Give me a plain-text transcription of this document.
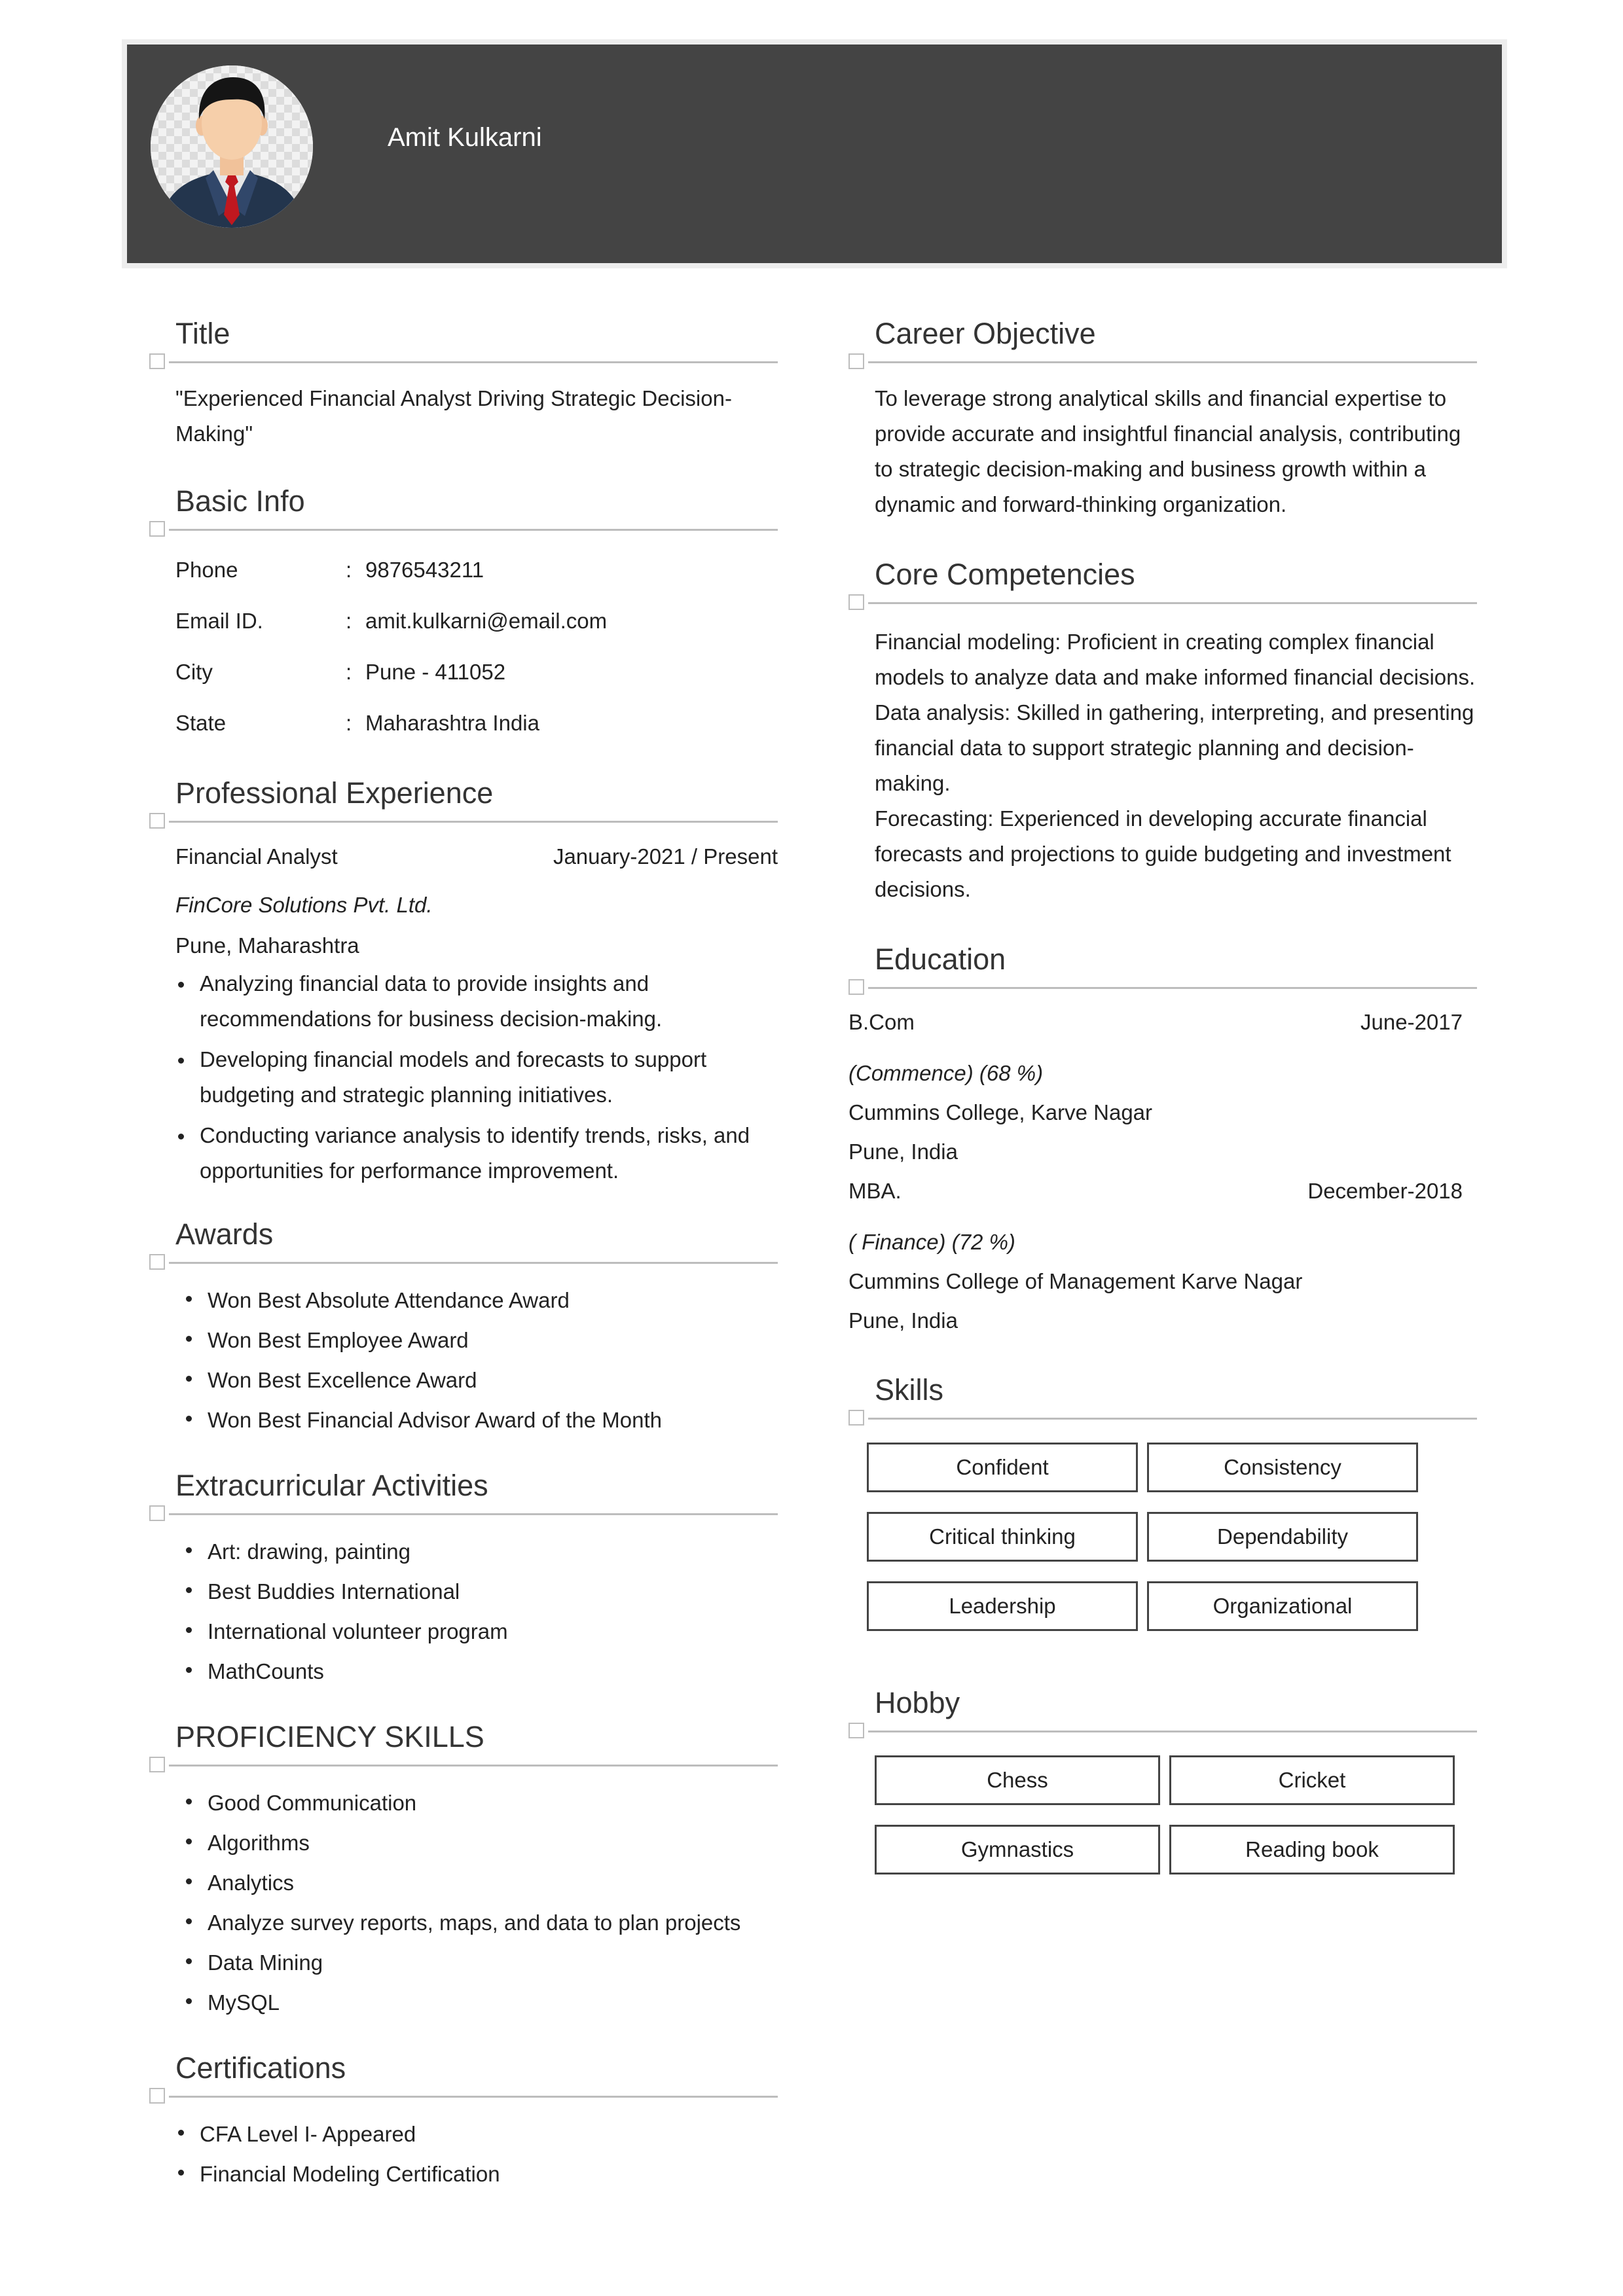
Amit Kulkarni
Title
"Experienced Financial Analyst Driving Strategic Decision-Making"
Basic Info
Phone	: 9876543211
Email ID.	: amit.kulkarni@email.com
City	: Pune - 411052
State	: Maharashtra India
Professional Experience
Financial Analyst	January-2021 / Present
FinCore Solutions Pvt. Ltd.
Pune, Maharashtra
Analyzing financial data to provide insights and recommendations for business decision-making.
Developing financial models and forecasts to support budgeting and strategic planning initiatives.
Conducting variance analysis to identify trends, risks, and opportunities for performance improvement.
Awards
Won Best Absolute Attendance Award
Won Best Employee Award
Won Best Excellence Award
Won Best Financial Advisor Award of the Month
Extracurricular Activities
Art: drawing, painting
Best Buddies International
International volunteer program
MathCounts
PROFICIENCY SKILLS
Good Communication
Algorithms
Analytics
Analyze survey reports, maps, and data to plan projects
Data Mining
MySQL
Certifications
CFA Level I- Appeared
Financial Modeling Certification
Career Objective
To leverage strong analytical skills and financial expertise to provide accurate and insightful financial analysis, contributing to strategic decision-making and business growth within a dynamic and forward-thinking organization.
Core Competencies
Financial modeling: Proficient in creating complex financial models to analyze data and make informed financial decisions.
Data analysis: Skilled in gathering, interpreting, and presenting financial data to support strategic planning and decision-making.
Forecasting: Experienced in developing accurate financial forecasts and projections to guide budgeting and investment decisions.
Education
B.Com	June-2017
(Commence) (68 %)
Cummins College, Karve Nagar
Pune, India
MBA.	December-2018
( Finance) (72 %)
Cummins College of Management Karve Nagar
Pune, India
Skills
Confident	Consistency
Critical thinking	Dependability
Leadership	Organizational
Hobby
Chess	Cricket
Gymnastics	Reading book
